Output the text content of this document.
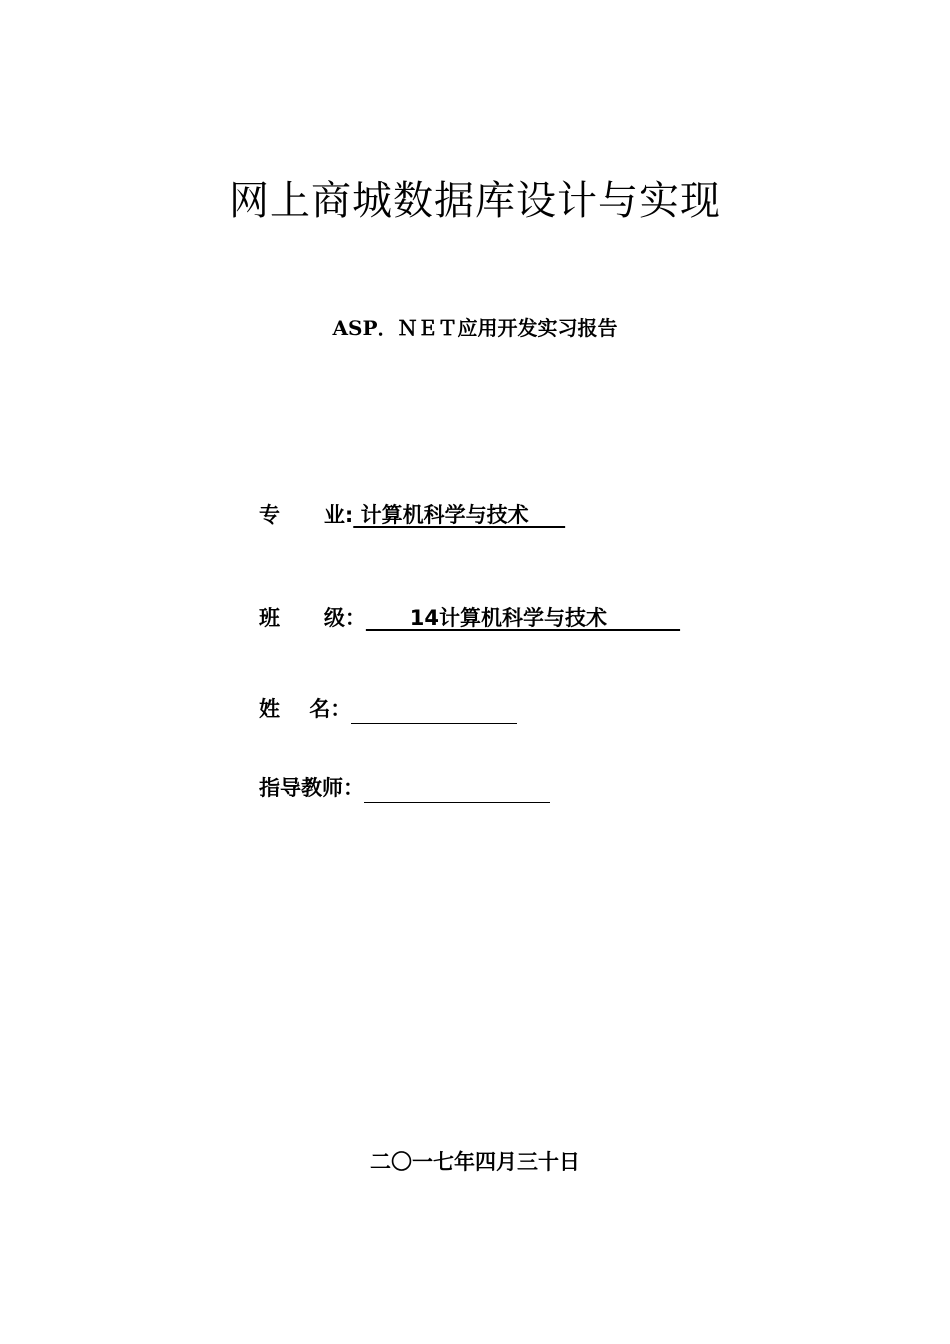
网上商城数据库设计与实现
ASP．ＮＥＴ应用开发实习报告
专      业: 计算机科学与技术
班      级：      14计算机科学与技术
姓    名：
指导教师：
二〇一七年四月三十日
